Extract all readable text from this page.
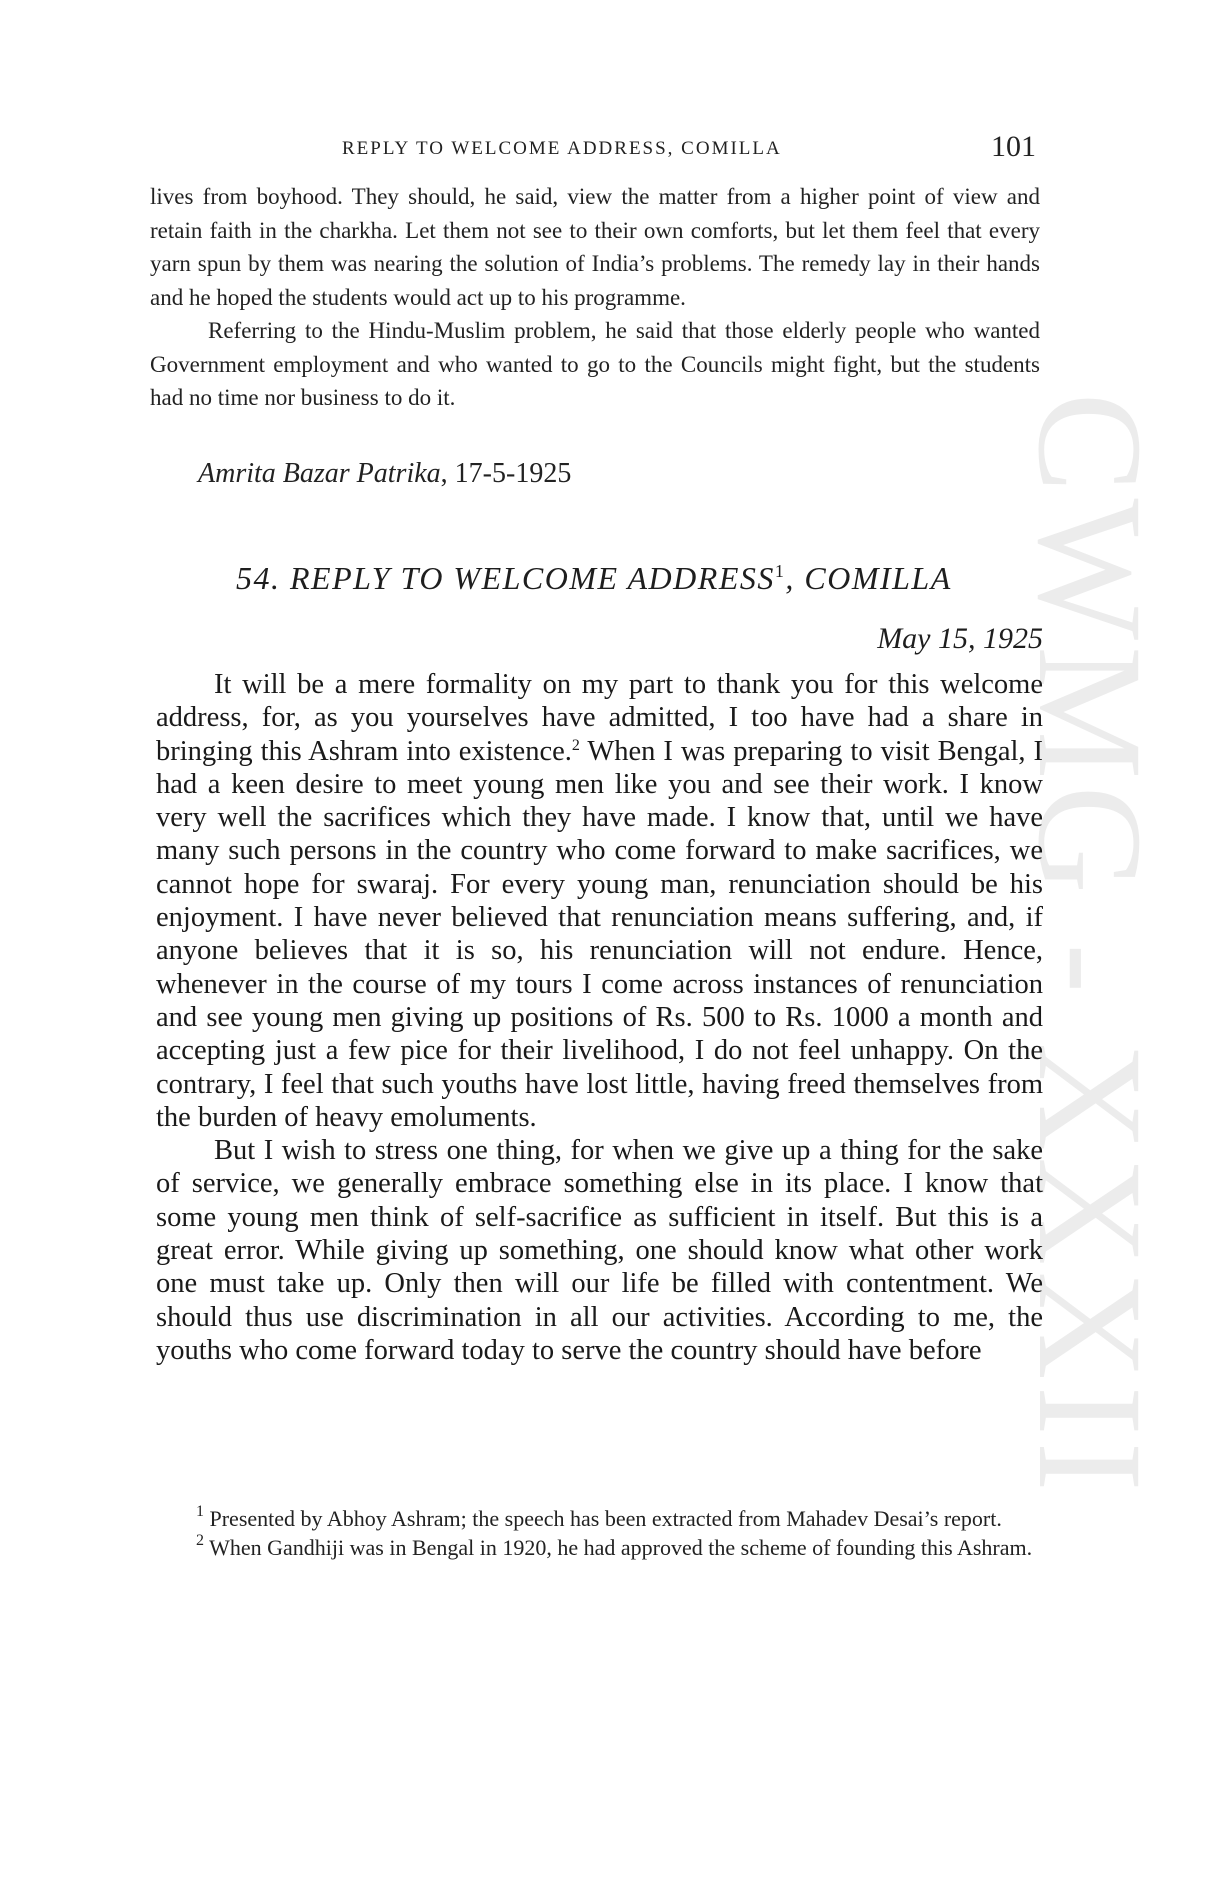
CWMG - XXXII
REPLY TO WELCOME ADDRESS, COMILLA	101

lives from boyhood. They should, he said, view the matter from a higher point of view and retain faith in the charkha. Let them not see to their own comforts, but let them feel that every yarn spun by them was nearing the solution of India’s problems. The remedy lay in their hands and he hoped the students would act up to his programme.

Referring to the Hindu-Muslim problem, he said that those elderly people who wanted Government employment and who wanted to go to the Councils might fight, but the students had no time nor business to do it.

Amrita Bazar Patrika, 17-5-1925
54. REPLY TO WELCOME ADDRESS$^1$, COMILLA
May 15, 1925

It will be a mere formality on my part to thank you for this welcome address, for, as you yourselves have admitted, I too have had a share in bringing this Ashram into existence.$^2$ When I was preparing to visit Bengal, I had a keen desire to meet young men like you and see their work. I know very well the sacrifices which they have made. I know that, until we have many such persons in the country who come forward to make sacrifices, we cannot hope for swaraj. For every young man, renunciation should be his enjoyment. I have never believed that renunciation means suffering, and, if anyone believes that it is so, his renunciation will not endure. Hence, whenever in the course of my tours I come across instances of renunciation and see young men giving up positions of Rs. 500 to Rs. 1000 a month and accepting just a few pice for their livelihood, I do not feel unhappy. On the contrary, I feel that such youths have lost little, having freed themselves from the burden of heavy emoluments.

But I wish to stress one thing, for when we give up a thing for the sake of service, we generally embrace something else in its place. I know that some young men think of self-sacrifice as sufficient in itself. But this is a great error. While giving up something, one should know what other work one must take up. Only then will our life be filled with contentment. We should thus use discrimination in all our activities. According to me, the youths who come forward today to serve the country should have before

$^1$ Presented by Abhoy Ashram; the speech has been extracted from Mahadev Desai’s report.

$^2$ When Gandhiji was in Bengal in 1920, he had approved the scheme of founding this Ashram.
